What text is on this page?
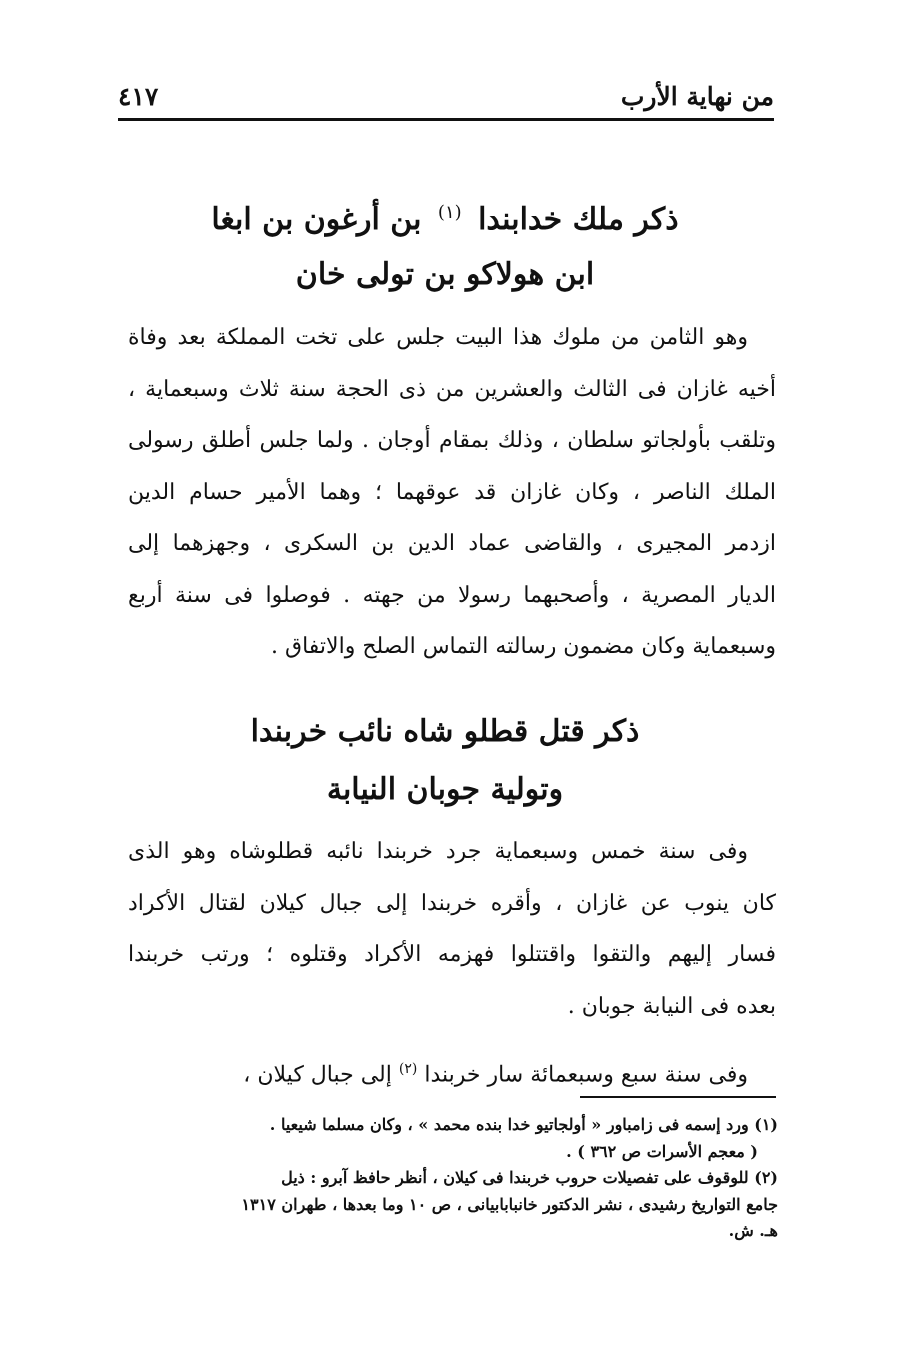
من نهاية الأرب
٤١٧
ذكر ملك خدابندا $^{(١)}$ بن أرغون بن ابغا
ابن هولاكو بن تولى خان
وهو الثامن من ملوك هذا البيت جلس على تخت المملكة بعد وفاة
أخيه غازان فى الثالث والعشرين من ذى الحجة سنة ثلاث وسبعماية ،
وتلقب بأولجاتو سلطان ، وذلك بمقام أوجان . ولما جلس أطلق رسولى
الملك الناصر ، وكان غازان قد عوقهما ؛ وهما الأمير حسام الدين
ازدمر المجيرى ، والقاضى عماد الدين بن السكرى ، وجهزهما إلى
الديار المصرية ، وأصحبهما رسولا من جهته . فوصلوا فى سنة أربع
وسبعماية وكان مضمون رسالته التماس الصلح والاتفاق .
ذكر قتل قطلو شاه نائب خربندا
وتولية جوبان النيابة
وفى سنة خمس وسبعماية جرد خربندا نائبه قطلوشاه وهو الذى
كان ينوب عن غازان ، وأقره خربندا إلى جبال كيلان لقتال الأكراد
فسار إليهم والتقوا واقتتلوا فهزمه الأكراد وقتلوه ؛ ورتب خربندا
بعده فى النيابة جوبان .
وفى سنة سبع وسبعمائة سار خربندا $^{(٢)}$ إلى جبال كيلان ،
(١) ورد إسمه فى زامباور « أولجاتيو خدا بنده محمد » ، وكان مسلما شيعيا .
( معجم الأسرات ص ٣٦٢ ) .
(٢) للوقوف على تفصيلات حروب خربندا فى كيلان ، أنظر حافظ آبرو : ذيل
جامع التواريخ رشيدى ، نشر الدكتور خانبابابيانى ، ص ١٠ وما بعدها ، طهران ١٣١٧
هـ. ش.
